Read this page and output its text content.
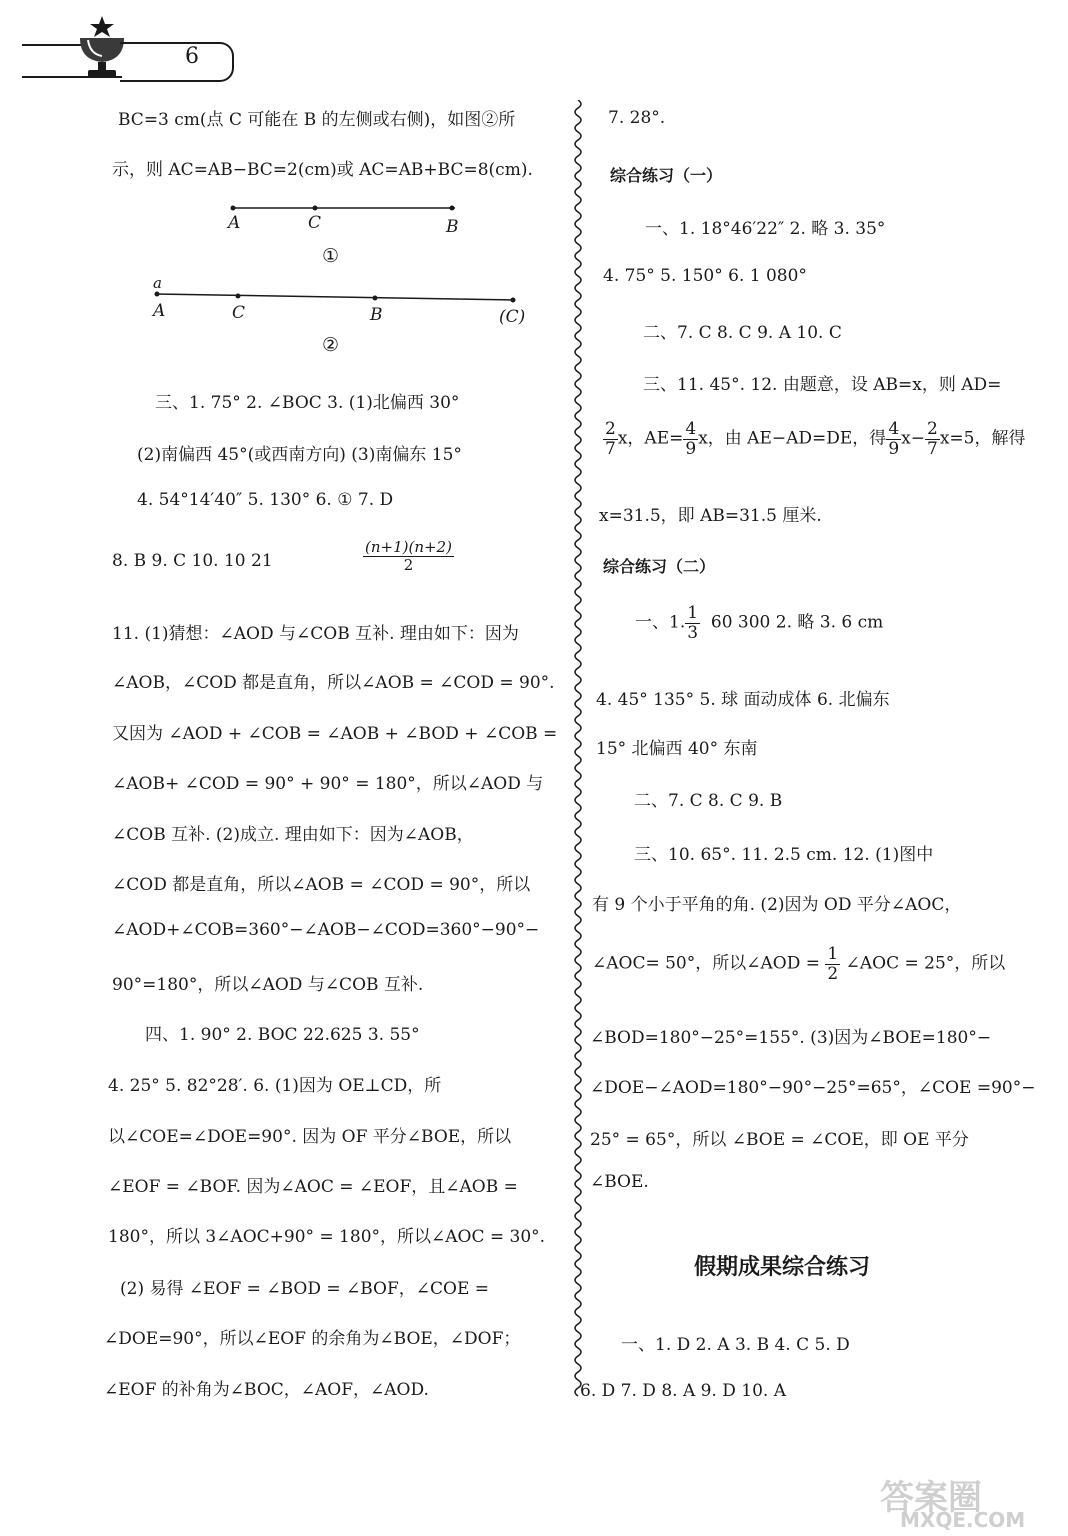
6
BC=3 cm(点 C 可能在 B 的左侧或右侧)，如图②所
示，则 AC=AB−BC=2(cm)或 AC=AB+BC=8(cm).
A	C	B
①
a
A	C	B	(C)
②
三、1. 75° 2. ∠BOC 3. (1)北偏西 30°
(2)南偏西 45°(或西南方向) (3)南偏东 15°
4. 54°14′40″ 5. 130° 6. ① 7. D
8. B 9. C 10. 10 21	$\frac{(n+1)(n+2)}{2}$
11. (1)猜想：∠AOD 与∠COB 互补. 理由如下：因为
∠AOB，∠COD 都是直角，所以∠AOB = ∠COD = 90°.
又因为 ∠AOD + ∠COB = ∠AOB + ∠BOD + ∠COB =
∠AOB+ ∠COD = 90° + 90° = 180°，所以∠AOD 与
∠COB 互补. (2)成立. 理由如下：因为∠AOB，
∠COD 都是直角，所以∠AOB = ∠COD = 90°，所以
∠AOD+∠COB=360°−∠AOB−∠COD=360°−90°−
90°=180°，所以∠AOD 与∠COB 互补.
四、1. 90° 2. BOC 22.625 3. 55°
4. 25° 5. 82°28′. 6. (1)因为 OE⊥CD，所
以∠COE=∠DOE=90°. 因为 OF 平分∠BOE，所以
∠EOF = ∠BOF. 因为∠AOC = ∠EOF，且∠AOB =
180°，所以 3∠AOC+90° = 180°，所以∠AOC = 30°.
(2) 易得 ∠EOF = ∠BOD = ∠BOF，∠COE =
∠DOE=90°，所以∠EOF 的余角为∠BOE，∠DOF；
∠EOF 的补角为∠BOC，∠AOF，∠AOD.
7. 28°.
综合练习（一）
一、1. 18°46′22″ 2. 略 3. 35°
4. 75° 5. 150° 6. 1 080°
二、7. C 8. C 9. A 10. C
三、11. 45°. 12. 由题意，设 AB=x，则 AD=
$\frac{2}{7}$ x，$AE= \frac{4}{9}$ x，由 AE−AD=DE，得 $\frac{4}{9} x- \frac{2}{7} x=5$，解得
x=31.5，即 AB=31.5 厘米.
综合练习（二）
一、1. $\frac{1}{3} 60$ 300 2. 略 3. 6 cm
4. 45° 135° 5. 球 面动成体 6. 北偏东
15° 北偏西 40° 东南
二、7. C 8. C 9. B
三、10. 65°. 11. 2.5 cm. 12. (1)图中
有 9 个小于平角的角. (2)因为 OD 平分∠AOC，
∠AOC= 50°，所以∠AOD = $\frac{1}{2}$ ∠AOC = 25°，所以
∠BOD=180°−25°=155°. (3)因为∠BOE=180°−
∠DOE−∠AOD=180°−90°−25°=65°，∠COE =90°−
25° = 65°，所以 ∠BOE = ∠COE，即 OE 平分
∠BOE.
假期成果综合练习
一、1. D 2. A 3. B 4. C 5. D
6. D 7. D 8. A 9. D 10. A
答案圈
MXQE.COM
